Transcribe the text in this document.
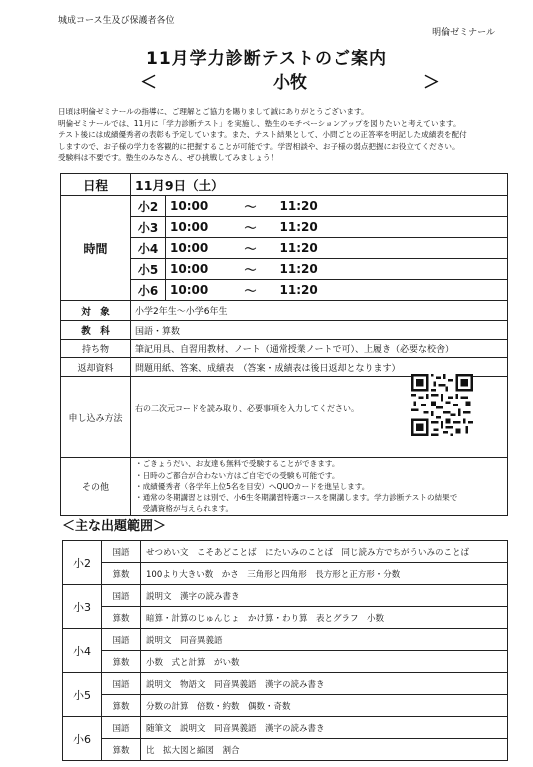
城成コース生及び保護者各位
明倫ゼミナール
11月学力診断テストのご案内
＜	小牧	＞
日頃は明倫ゼミナールの指導に、ご理解とご協力を賜りまして誠にありがとうございます。
明倫ゼミナールでは、11月に「学力診断テスト」を実施し、塾生のモチベーションアップを図りたいと考えています。
テスト後には成績優秀者の表彰も予定しています。また、テスト結果として、小問ごとの正答率を明記した成績表を配付
しますので、お子様の学力を客観的に把握することが可能です。学習相談や、お子様の弱点把握にお役立てください。
受験料は不要です。塾生のみなさん、ぜひ挑戦してみましょう！
日程	11月9日（土）			
時間	小2	10:00	〜	11:20
	小3	10:00	〜	11:20
	小4	10:00	〜	11:20
	小5	10:00	〜	11:20
	小6	10:00	〜	11:20
対　象	小学2年生〜小学6年生			
教　科	国語・算数			
持ち物	筆記用具、自習用教材、ノート（通常授業ノートで可）、上履き（必要な校舎）			
返却資料	問題用紙、答案、成績表　（答案・成績表は後日返却となります）			
申し込み方法	右の二次元コードを読み取り、必要事項を入力してください。			
その他	・ごきょうだい、お友達も無料で受験することができます。
・日時のご都合が合わない方はご自宅での受験も可能です。
・成績優秀者（各学年上位5名を目安）へQUOカードを進呈します。
・通常の冬期講習とは別で、小6生冬期講習特選コースを開講します。学力診断テストの結果で
　受講資格が与えられます。			
＜主な出題範囲＞
小2	国語	せつめい文　こそあどことば　にたいみのことば　同じ読み方でちがういみのことば
	算数	100より大きい数　かさ　三角形と四角形　長方形と正方形・分数
小3	国語	説明文　漢字の読み書き
	算数	暗算・計算のじゅんじょ　かけ算・わり算　表とグラフ　小数
小4	国語	説明文　同音異義語
	算数	小数　式と計算　がい数
小5	国語	説明文　物語文　同音異義語　漢字の読み書き
	算数	分数の計算　倍数・約数　偶数・奇数
小6	国語	随筆文　説明文　同音異義語　漢字の読み書き
	算数	比　拡大図と縮図　割合
